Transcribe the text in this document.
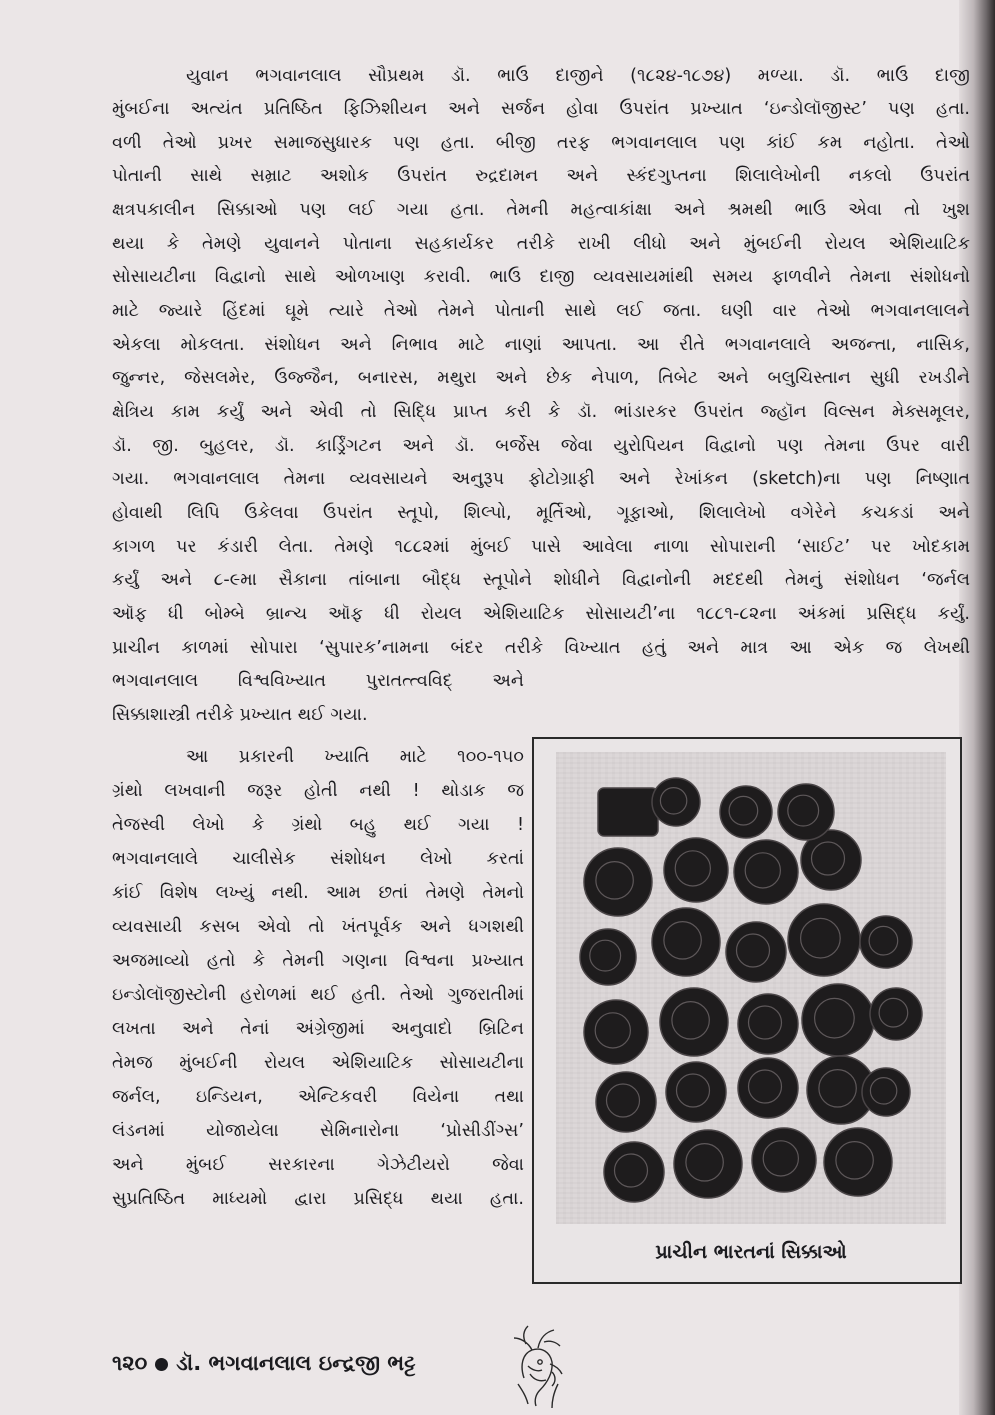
યુવાન ભગવાનલાલ સૌપ્રથમ ડૉ. ભાઉ દાજીને (૧૮૨૪-૧૮૭૪) મળ્યા. ડૉ. ભાઉ દાજી
મુંબઈના અત્યંત પ્રતિષ્ઠિત ફિઝિશીયન અને સર્જન હોવા ઉપરાંત પ્રખ્યાત ‘ઇન્ડોલૉજીસ્ટ’ પણ હતા.
વળી તેઓ પ્રખર સમાજસુધારક પણ હતા. બીજી તરફ ભગવાનલાલ પણ કાંઈ કમ નહોતા. તેઓ
પોતાની સાથે સમ્રાટ અશોક ઉપરાંત રુદ્રદામન અને સ્કંદગુપ્તના શિલાલેખોની નકલો ઉપરાંત
ક્ષત્રપકાલીન સિક્કાઓ પણ લઈ ગયા હતા. તેમની મહત્વાકાંક્ષા અને શ્રમથી ભાઉ એવા તો ખુશ
થયા કે તેમણે યુવાનને પોતાના સહકાર્યકર તરીકે રાખી લીધો અને મુંબઈની રોયલ એશિયાટિક
સોસાયટીના વિદ્વાનો સાથે ઓળખાણ કરાવી. ભાઉ દાજી વ્યવસાયમાંથી સમય ફાળવીને તેમના સંશોધનો
માટે જ્યારે હિંદમાં ઘૂમે ત્યારે તેઓ તેમને પોતાની સાથે લઈ જતા. ઘણી વાર તેઓ ભગવાનલાલને
એકલા મોકલતા. સંશોધન અને નિભાવ માટે નાણાં આપતા. આ રીતે ભગવાનલાલે અજન્તા, નાસિક,
જુન્નર, જેસલમેર, ઉજ્જૈન, બનારસ, મથુરા અને છેક નેપાળ, તિબેટ અને બલુચિસ્તાન સુધી રખડીને
ક્ષેત્રિય કામ કર્યું અને એવી તો સિદ્ધિ પ્રાપ્ત કરી કે ડૉ. ભાંડારકર ઉપરાંત જ્હૉન વિલ્સન મેક્સમૂલર,
ડૉ. જી. બુહલર, ડૉ. કાર્ડ્રિંગટન અને ડૉ. બર્જેસ જેવા યુરોપિયન વિદ્વાનો પણ તેમના ઉપર વારી
ગયા. ભગવાનલાલ તેમના વ્યવસાયને અનુરૂપ ફોટોગ્રાફી અને રેખાંકન (sketch)ના પણ નિષ્ણાત
હોવાથી લિપિ ઉકેલવા ઉપરાંત સ્તૂપો, શિલ્પો, મૂર્તિઓ, ગૂફાઓ, શિલાલેખો વગેરેને કચકડાં અને
કાગળ પર કંડારી લેતા. તેમણે ૧૮૮૨માં મુંબઈ પાસે આવેલા નાળા સોપારાની ‘સાઈટ’ પર ખોદકામ
કર્યું અને ૮-૯મા સૈકાના તાંબાના બૌદ્ધ સ્તૂપોને શોધીને વિદ્વાનોની મદદથી તેમનું સંશોધન ‘જર્નલ
ઑફ ધી બોમ્બે બ્રાન્ચ ઑફ ધી રોયલ એશિયાટિક સોસાયટી’ના ૧૮૮૧-૮૨ના અંકમાં પ્રસિદ્ધ કર્યું.
પ્રાચીન કાળમાં સોપારા ‘સુપારક’નામના બંદર તરીકે વિખ્યાત હતું અને માત્ર આ એક જ લેખથી
ભગવાનલાલ વિશ્વવિખ્યાત પુરાતત્ત્વવિદ્ અને
સિક્કાશાસ્ત્રી તરીકે પ્રખ્યાત થઈ ગયા.
આ પ્રકારની ખ્યાતિ માટે ૧૦૦-૧૫૦
ગ્રંથો લખવાની જરૂર હોતી નથી ! થોડાક જ
તેજસ્વી લેખો કે ગ્રંથો બહુ થઈ ગયા !
ભગવાનલાલે ચાલીસેક સંશોધન લેખો કરતાં
કાંઈ વિશેષ લખ્યું નથી. આમ છતાં તેમણે તેમનો
વ્યવસાયી કસબ એવો તો ખંતપૂર્વક અને ધગશથી
અજમાવ્યો હતો કે તેમની ગણના વિશ્વના પ્રખ્યાત
ઇન્ડોલૉજીસ્ટોની હરોળમાં થઈ હતી. તેઓ ગુજરાતીમાં
લખતા અને તેનાં અંગ્રેજીમાં અનુવાદો બ્રિટિન
તેમજ મુંબઈની રોયલ એશિયાટિક સોસાયટીના
જર્નલ, ઇન્ડિયન, એન્ટિકવરી વિયેના તથા
લંડનમાં યોજાયેલા સેમિનારોના ‘પ્રોસીડીંગ્સ’
અને મુંબઈ સરકારના ગેઝેટીયરો જેવા
સુપ્રતિષ્ઠિત માધ્યમો દ્વારા પ્રસિદ્ધ થયા હતા.
પ્રાચીન ભારતનાં સિક્કાઓ
૧૨૦ ડૉ. ભગવાનલાલ ઇન્દ્રજી ભટ્ટ
